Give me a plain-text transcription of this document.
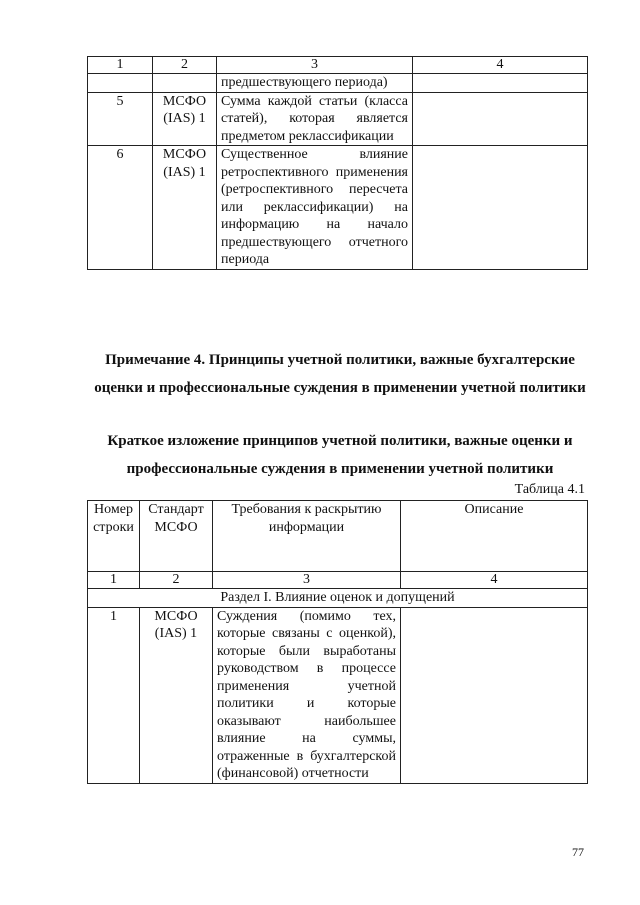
1	2	3	4
		предшествующего периода)	
5	МСФО (IAS) 1	Сумма каждой статьи (класса статей), которая является предметом реклассификации	
6	МСФО (IAS) 1	Существенное влияние ретроспективного применения (ретроспективного пересчета или реклассификации) на информацию на начало предшествующего отчетного периода	
Примечание 4. Принципы учетной политики, важные бухгалтерские
оценки и профессиональные суждения в применении учетной политики
Краткое изложение принципов учетной политики, важные оценки и
профессиональные суждения в применении учетной политики
Таблица 4.1
Номер строки	Стандарт МСФО	Требования к раскрытию информации	Описание
1	2	3	4
Раздел I. Влияние оценок и допущений			
1	МСФО (IAS) 1	Суждения (помимо тех, которые связаны с оценкой), которые были выработаны руководством в процессе применения учетной политики и которые оказывают наибольшее влияние на суммы, отраженные в бухгалтерской (финансовой) отчетности	
77
